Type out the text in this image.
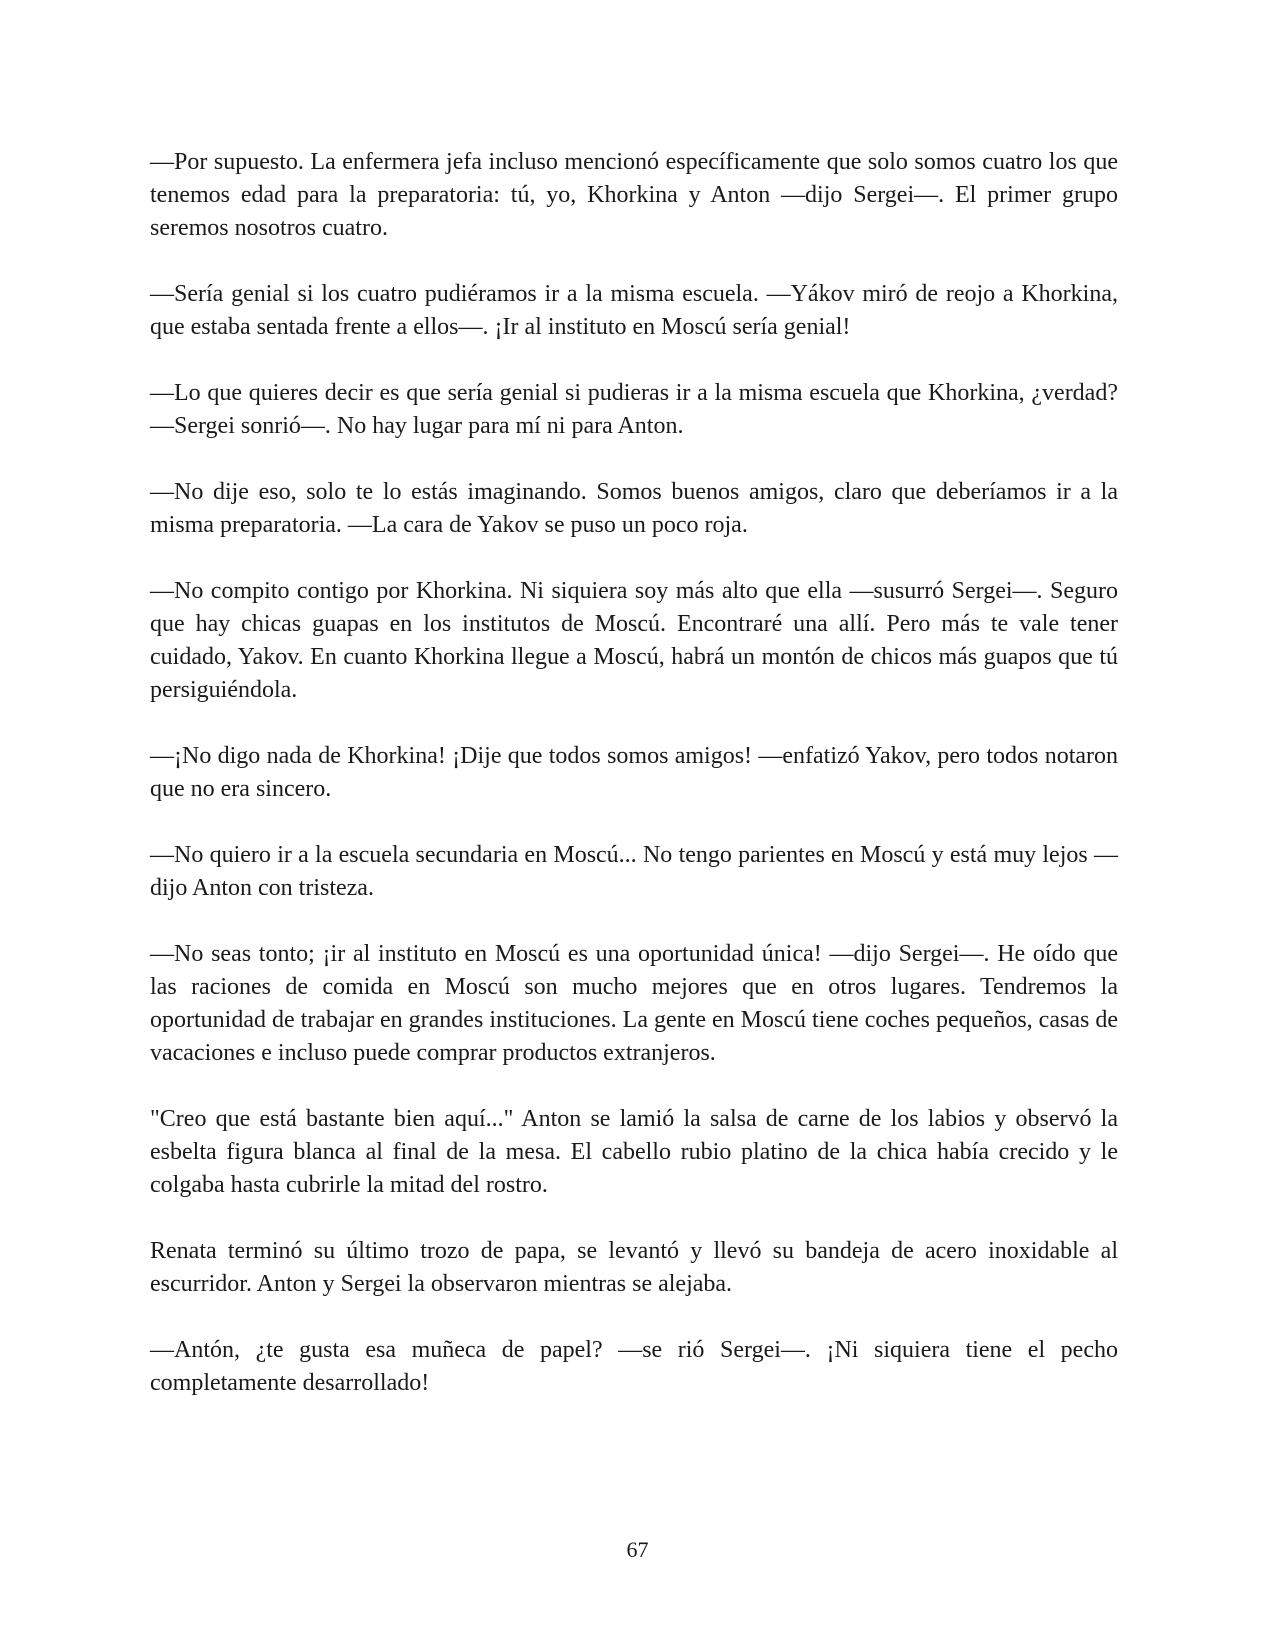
—Por supuesto. La enfermera jefa incluso mencionó específicamente que solo somos cuatro los que tenemos edad para la preparatoria: tú, yo, Khorkina y Anton —dijo Sergei—. El primer grupo seremos nosotros cuatro.

—Sería genial si los cuatro pudiéramos ir a la misma escuela. —Yákov miró de reojo a Khorkina, que estaba sentada frente a ellos—. ¡Ir al instituto en Moscú sería genial!

—Lo que quieres decir es que sería genial si pudieras ir a la misma escuela que Khorkina, ¿verdad? —Sergei sonrió—. No hay lugar para mí ni para Anton.

—No dije eso, solo te lo estás imaginando. Somos buenos amigos, claro que deberíamos ir a la misma preparatoria. —La cara de Yakov se puso un poco roja.

—No compito contigo por Khorkina. Ni siquiera soy más alto que ella —susurró Sergei—. Seguro que hay chicas guapas en los institutos de Moscú. Encontraré una allí. Pero más te vale tener cuidado, Yakov. En cuanto Khorkina llegue a Moscú, habrá un montón de chicos más guapos que tú persiguiéndola.

—¡No digo nada de Khorkina! ¡Dije que todos somos amigos! —enfatizó Yakov, pero todos notaron que no era sincero.

—No quiero ir a la escuela secundaria en Moscú... No tengo parientes en Moscú y está muy lejos —dijo Anton con tristeza.

—No seas tonto; ¡ir al instituto en Moscú es una oportunidad única! —dijo Sergei—. He oído que las raciones de comida en Moscú son mucho mejores que en otros lugares. Tendremos la oportunidad de trabajar en grandes instituciones. La gente en Moscú tiene coches pequeños, casas de vacaciones e incluso puede comprar productos extranjeros.

"Creo que está bastante bien aquí..." Anton se lamió la salsa de carne de los labios y observó la esbelta figura blanca al final de la mesa. El cabello rubio platino de la chica había crecido y le colgaba hasta cubrirle la mitad del rostro.

Renata terminó su último trozo de papa, se levantó y llevó su bandeja de acero inoxidable al escurridor. Anton y Sergei la observaron mientras se alejaba.

—Antón, ¿te gusta esa muñeca de papel? —se rió Sergei—. ¡Ni siquiera tiene el pecho completamente desarrollado!

67
